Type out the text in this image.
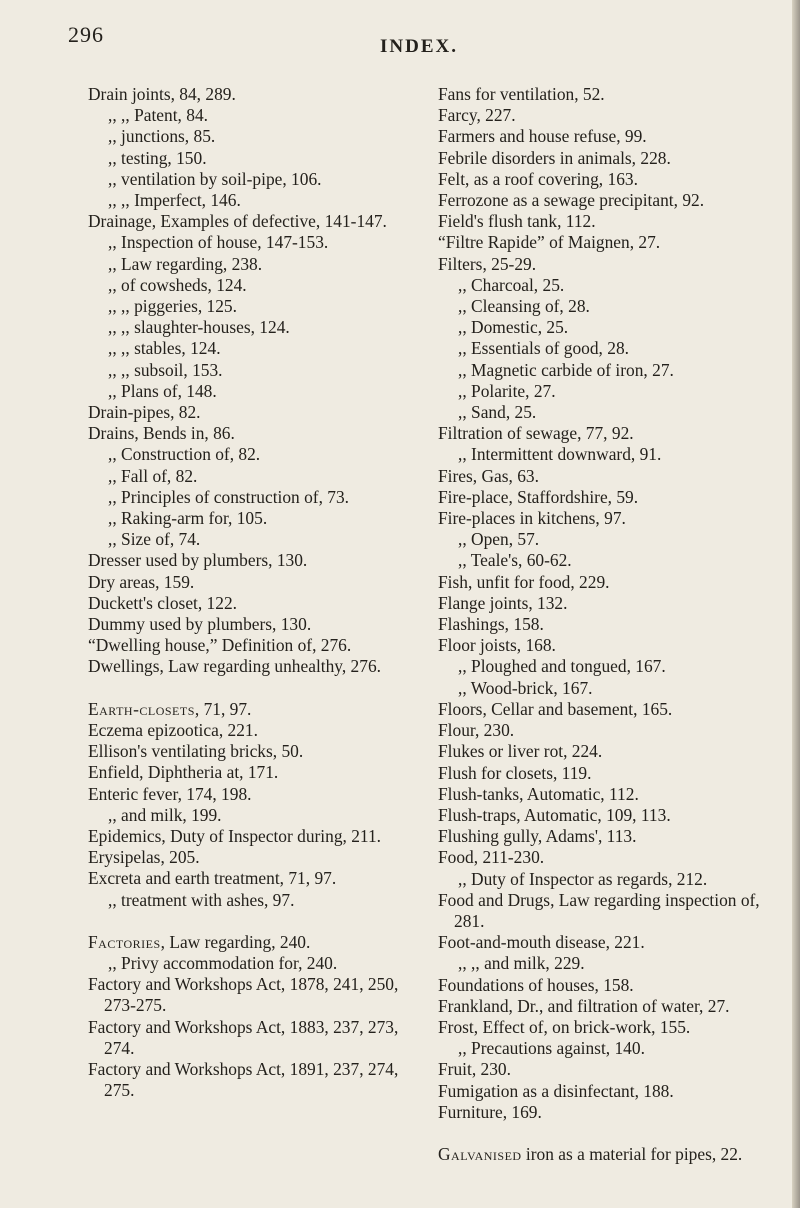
296	INDEX.
Drain joints, 84, 289.
,, ,, Patent, 84.
,, junctions, 85.
,, testing, 150.
,, ventilation by soil-pipe, 106.
,, ,, Imperfect, 146.
Drainage, Examples of defective, 141-147.
,, Inspection of house, 147-153.
,, Law regarding, 238.
,, of cowsheds, 124.
,, ,, piggeries, 125.
,, ,, slaughter-houses, 124.
,, ,, stables, 124.
,, ,, subsoil, 153.
,, Plans of, 148.
Drain-pipes, 82.
Drains, Bends in, 86.
,, Construction of, 82.
,, Fall of, 82.
,, Principles of construction of, 73.
,, Raking-arm for, 105.
,, Size of, 74.
Dresser used by plumbers, 130.
Dry areas, 159.
Duckett's closet, 122.
Dummy used by plumbers, 130.
“Dwelling house,” Definition of, 276.
Dwellings, Law regarding unhealthy, 276.
Earth-closets, 71, 97.
Eczema epizootica, 221.
Ellison's ventilating bricks, 50.
Enfield, Diphtheria at, 171.
Enteric fever, 174, 198.
,, and milk, 199.
Epidemics, Duty of Inspector during, 211.
Erysipelas, 205.
Excreta and earth treatment, 71, 97.
,, treatment with ashes, 97.
Factories, Law regarding, 240.
,, Privy accommodation for, 240.
Factory and Workshops Act, 1878, 241, 250, 273-275.
Factory and Workshops Act, 1883, 237, 273, 274.
Factory and Workshops Act, 1891, 237, 274, 275.
Fans for ventilation, 52.
Farcy, 227.
Farmers and house refuse, 99.
Febrile disorders in animals, 228.
Felt, as a roof covering, 163.
Ferrozone as a sewage precipitant, 92.
Field's flush tank, 112.
“Filtre Rapide” of Maignen, 27.
Filters, 25-29.
,, Charcoal, 25.
,, Cleansing of, 28.
,, Domestic, 25.
,, Essentials of good, 28.
,, Magnetic carbide of iron, 27.
,, Polarite, 27.
,, Sand, 25.
Filtration of sewage, 77, 92.
,, Intermittent downward, 91.
Fires, Gas, 63.
Fire-place, Staffordshire, 59.
Fire-places in kitchens, 97.
,, Open, 57.
,, Teale's, 60-62.
Fish, unfit for food, 229.
Flange joints, 132.
Flashings, 158.
Floor joists, 168.
,, Ploughed and tongued, 167.
,, Wood-brick, 167.
Floors, Cellar and basement, 165.
Flour, 230.
Flukes or liver rot, 224.
Flush for closets, 119.
Flush-tanks, Automatic, 112.
Flush-traps, Automatic, 109, 113.
Flushing gully, Adams', 113.
Food, 211-230.
,, Duty of Inspector as regards, 212.
Food and Drugs, Law regarding inspection of, 281.
Foot-and-mouth disease, 221.
,, ,, and milk, 229.
Foundations of houses, 158.
Frankland, Dr., and filtration of water, 27.
Frost, Effect of, on brick-work, 155.
,, Precautions against, 140.
Fruit, 230.
Fumigation as a disinfectant, 188.
Furniture, 169.
Galvanised iron as a material for pipes, 22.
